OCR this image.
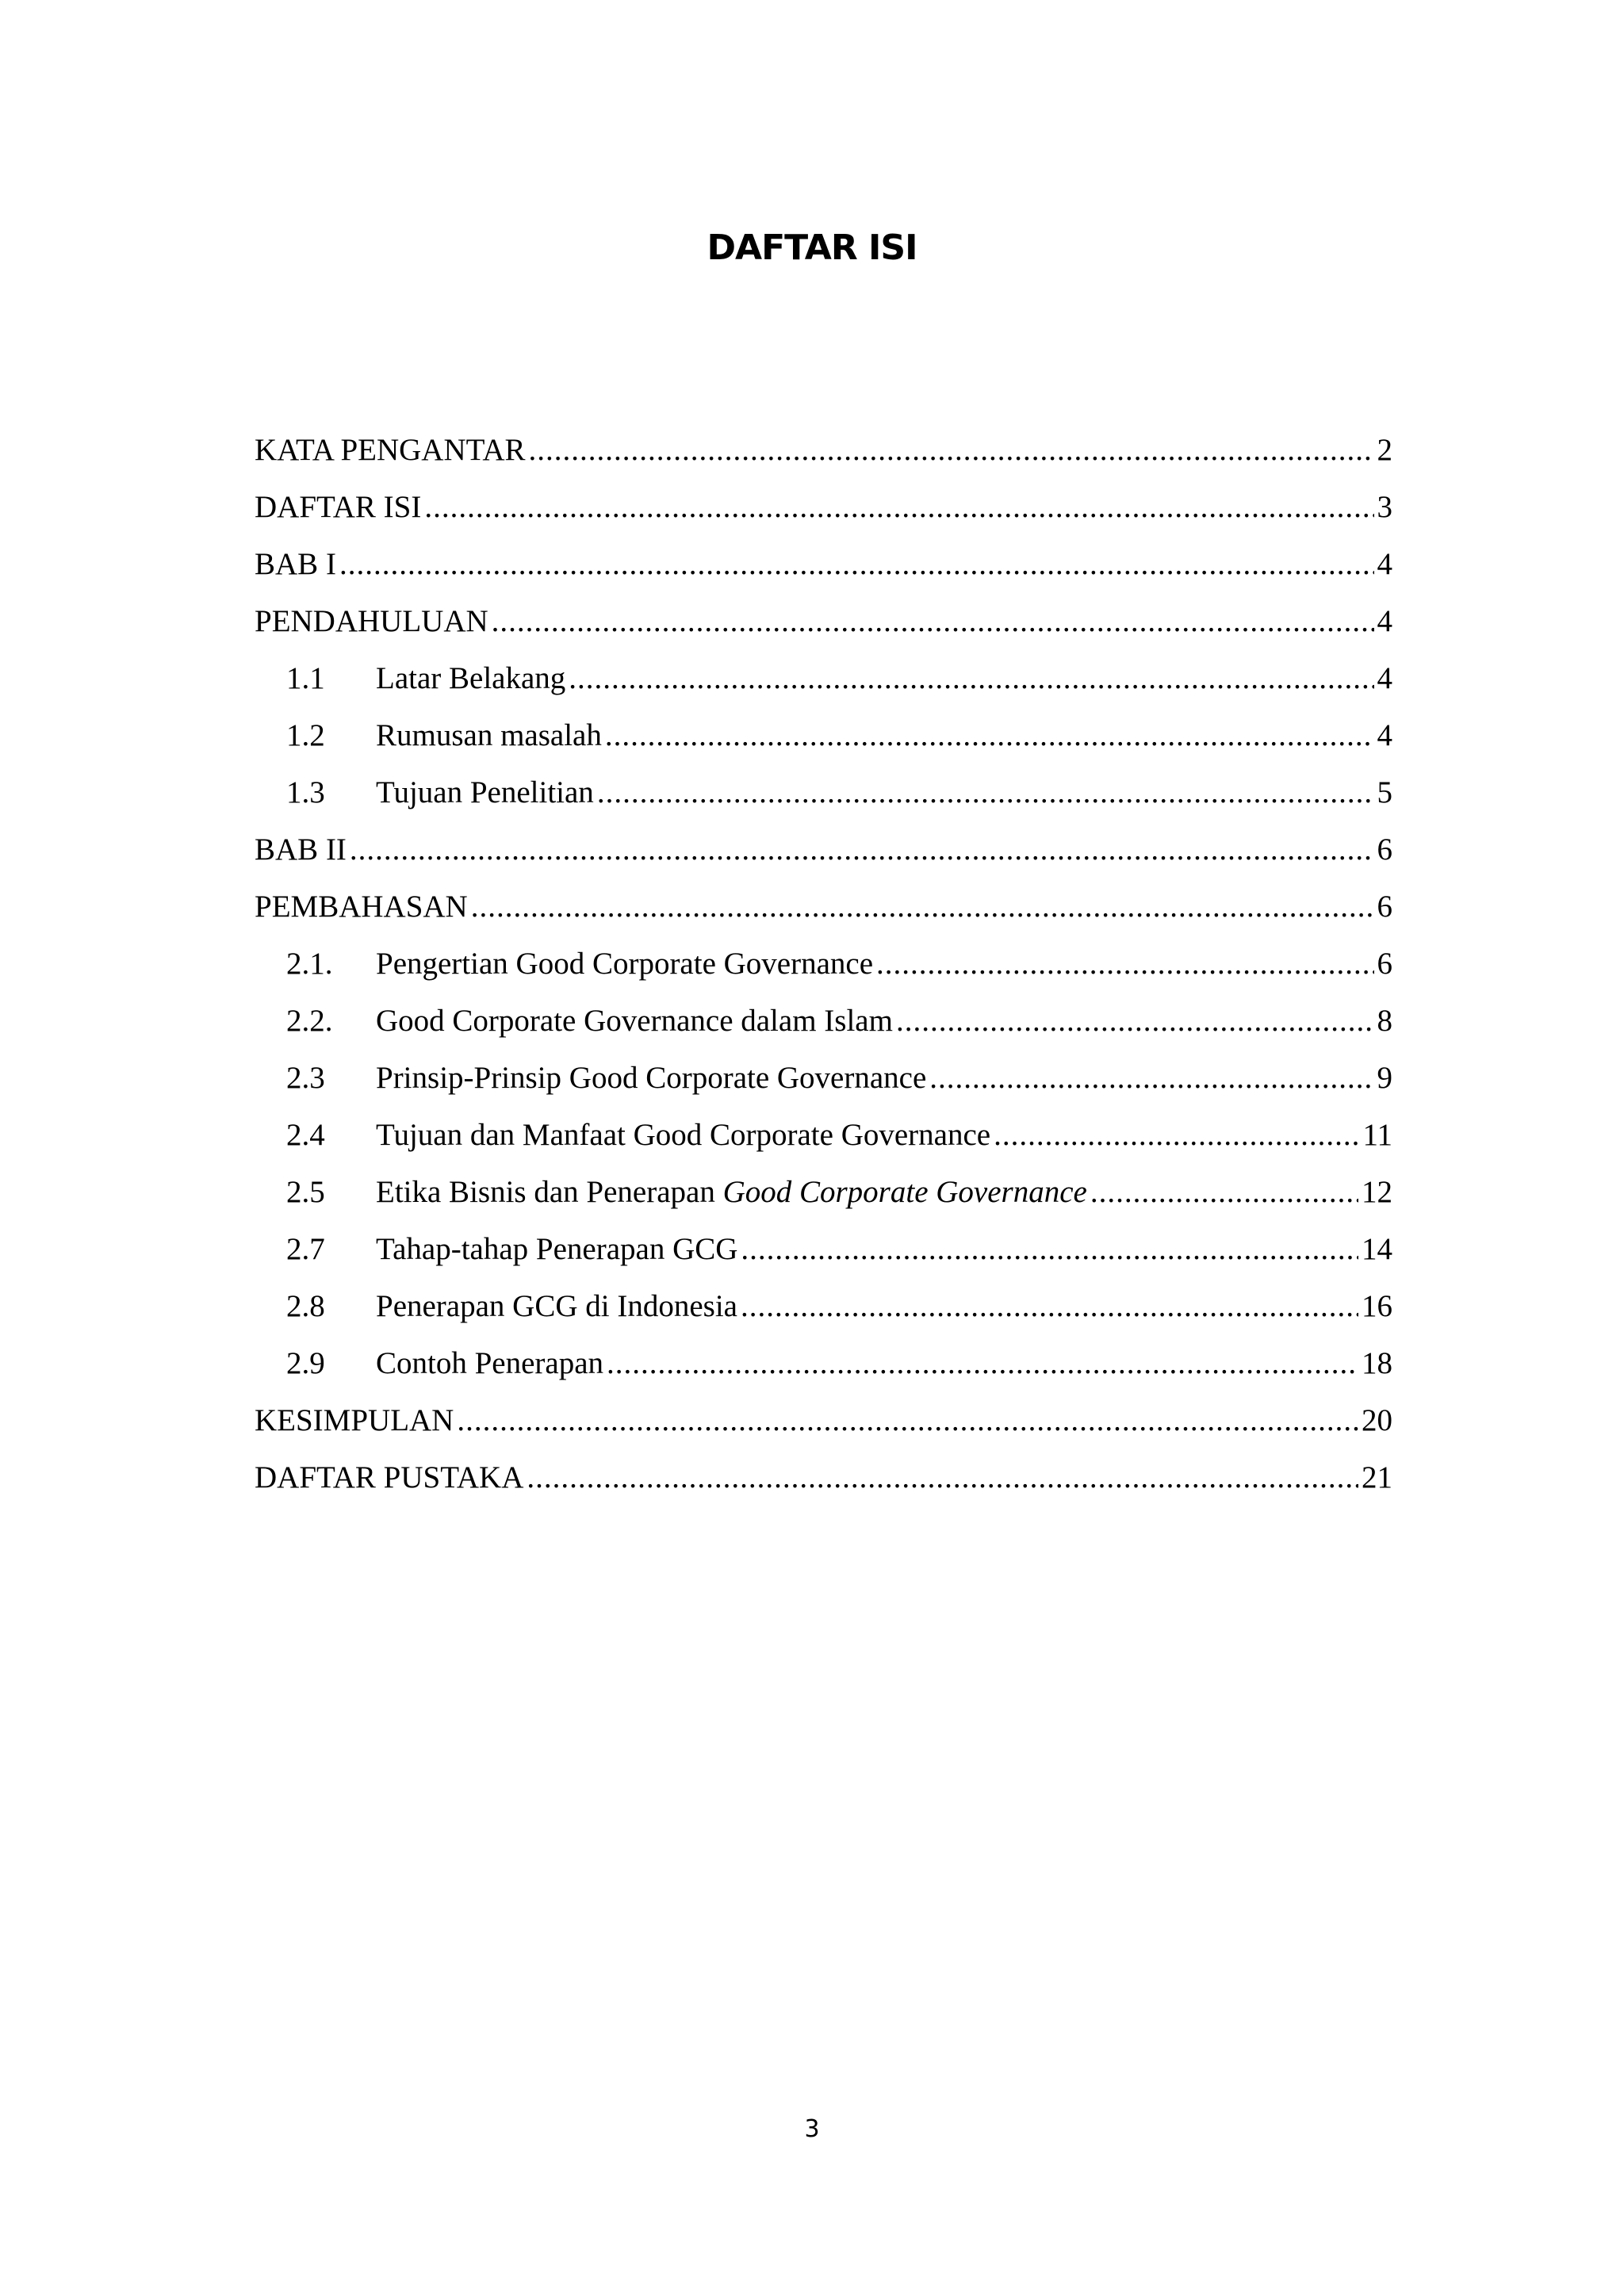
DAFTAR ISI
KATA PENGANTAR .....	2
DAFTAR ISI .....	3
BAB I .....	4
PENDAHULUAN .....	4
1.1	Latar Belakang .....	4
1.2	Rumusan masalah .....	4
1.3	Tujuan Penelitian .....	5
BAB II .....	6
PEMBAHASAN .....	6
2.1.	Pengertian Good Corporate Governance .....	6
2.2.	Good Corporate Governance dalam Islam .....	8
2.3	Prinsip-Prinsip Good Corporate Governance .....	9
2.4	Tujuan dan Manfaat Good Corporate Governance .....	11
2.5	Etika Bisnis dan Penerapan Good Corporate Governance .....	12
2.7	Tahap-tahap Penerapan GCG .....	14
2.8	Penerapan GCG di Indonesia .....	16
2.9	Contoh Penerapan .....	18
KESIMPULAN .....	20
DAFTAR PUSTAKA .....	21
3
